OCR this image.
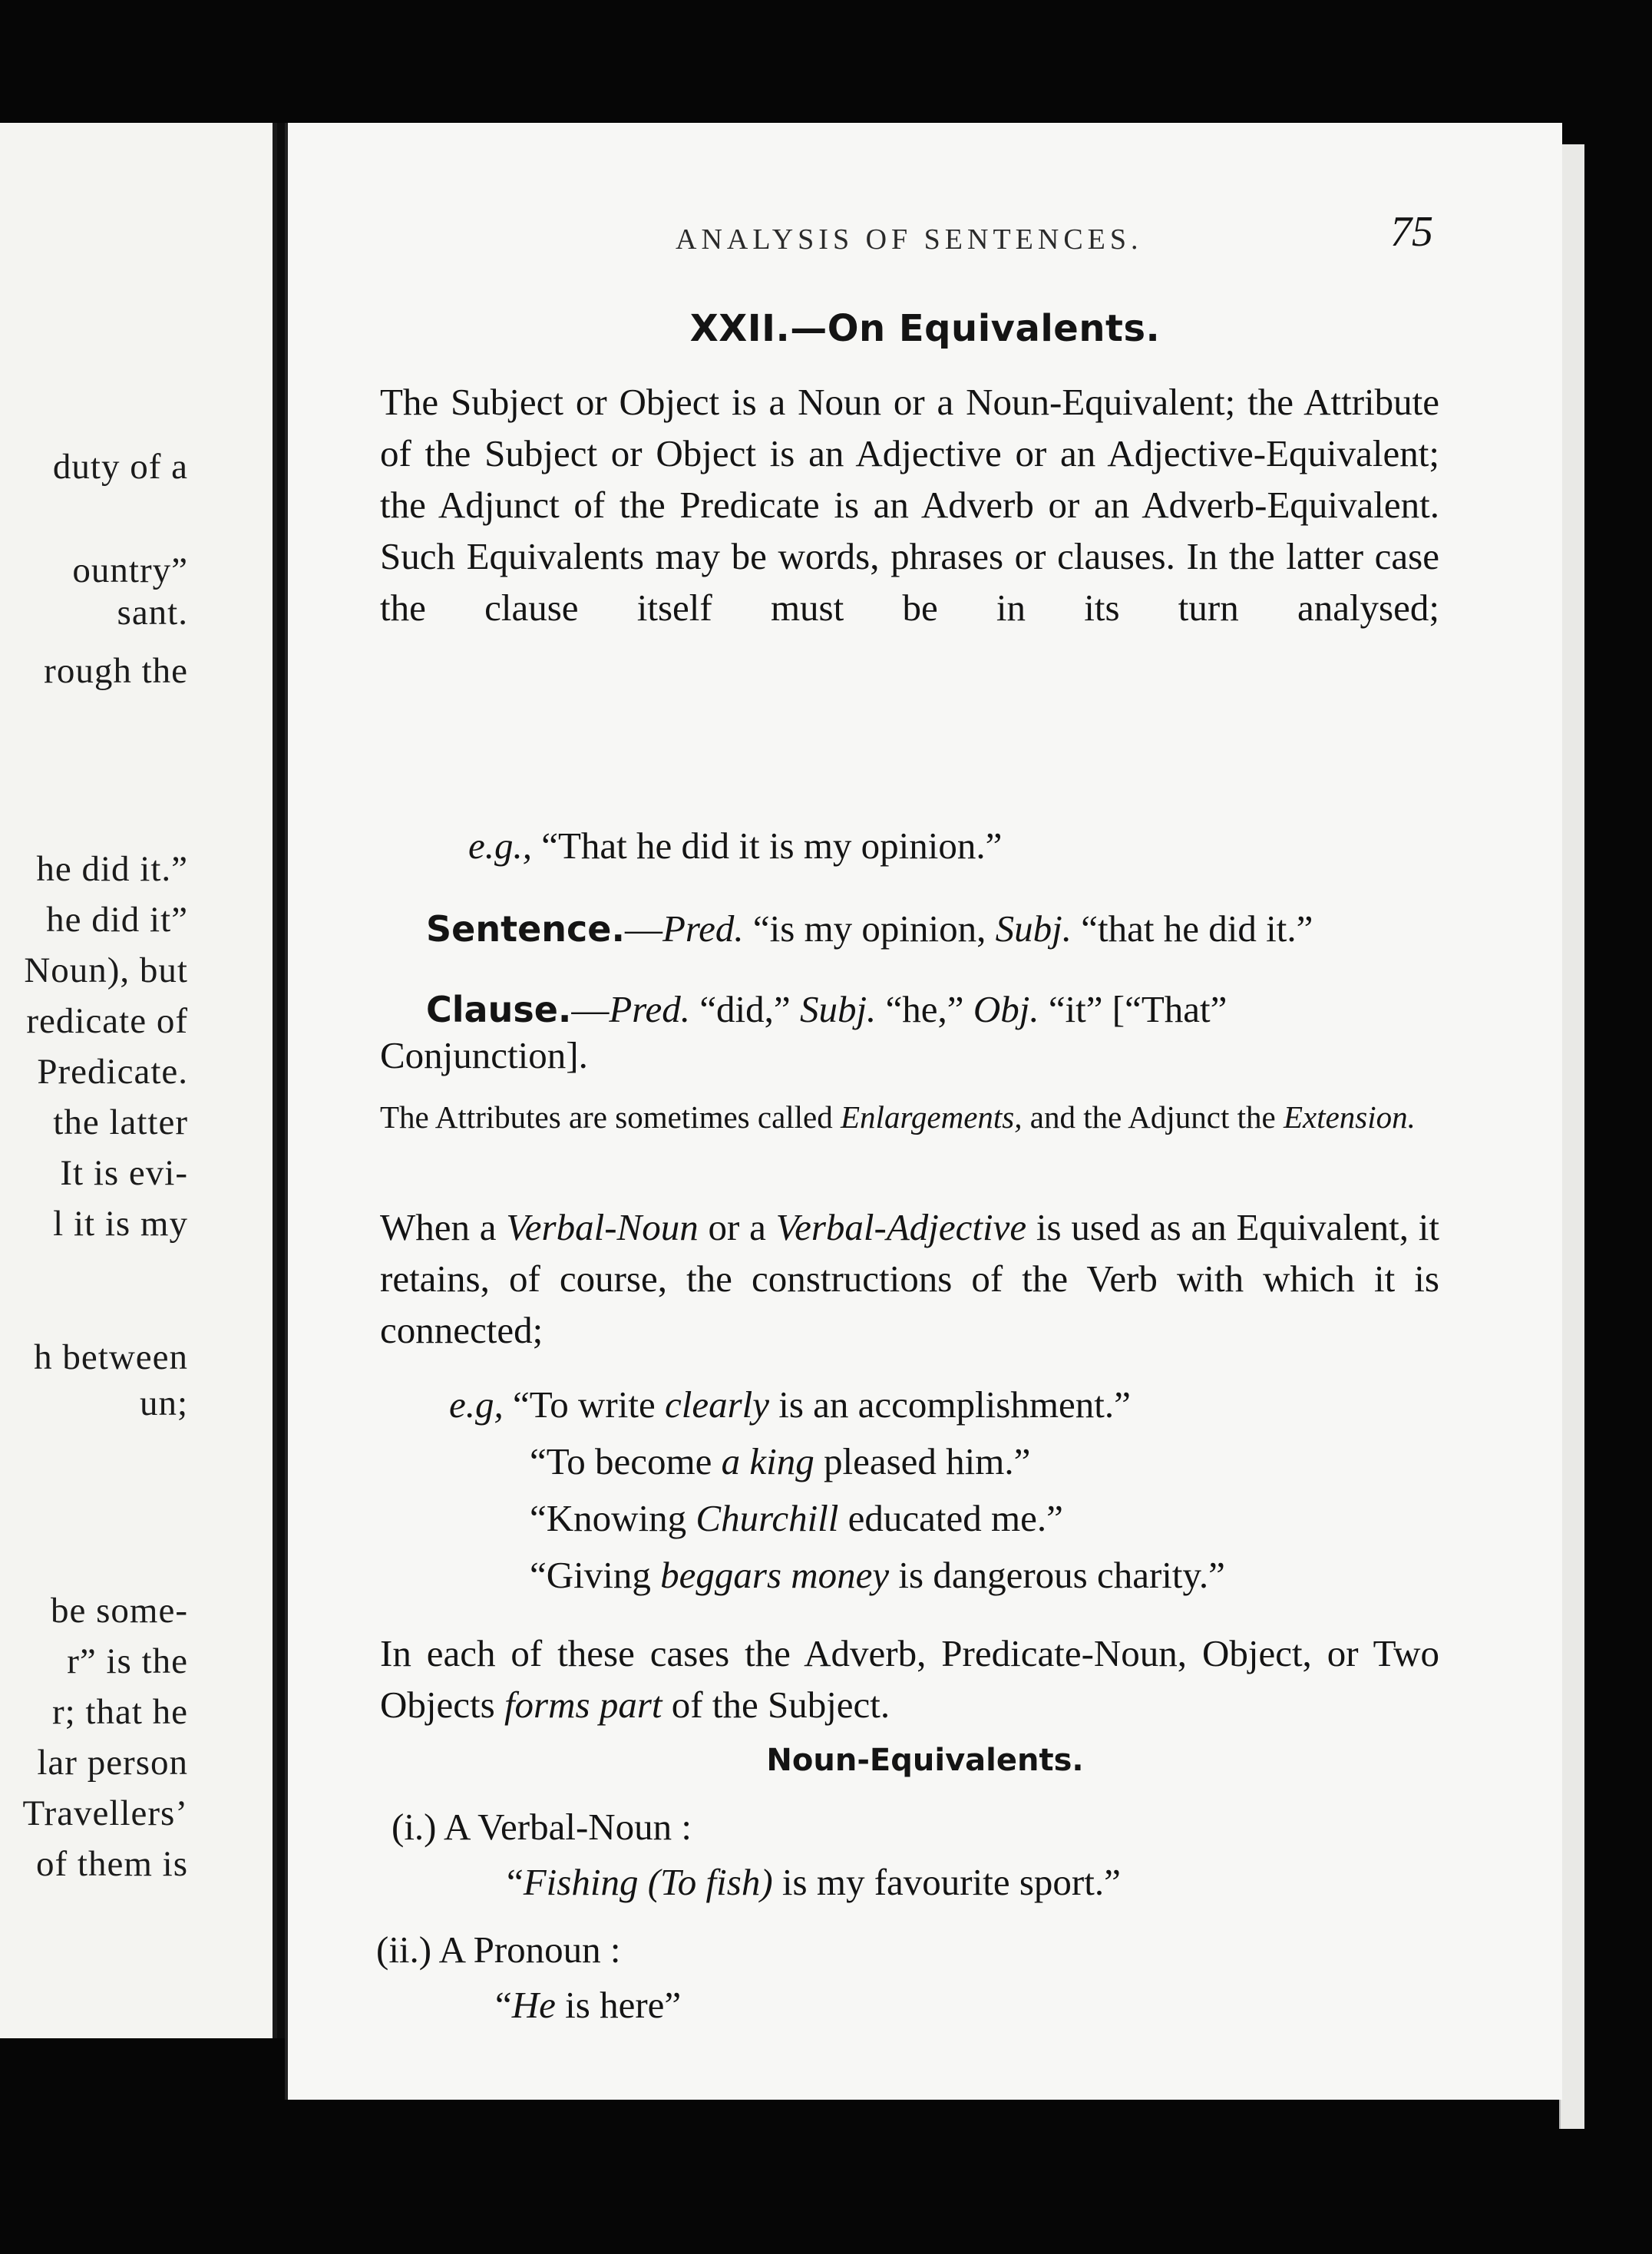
duty of a

ountry”

sant.

rough the

he did it.”

he did it”

Noun), but

redicate of

Predicate.

the latter

It is evi-

l it is my

h between

un;

be some-

r” is the

r; that he

lar person

Travellers’

of them is

ANALYSIS OF SENTENCES.	75

XXII.—On Equivalents.

The Subject or Object is a Noun or a Noun-Equivalent; the Attribute of the Subject or Object is an Adjective or an Adjective-Equivalent; the Adjunct of the Predicate is an Adverb or an Adverb-Equivalent. Such Equivalents may be words, phrases or clauses. In the latter case the clause itself must be in its turn analysed;

e.g., “That he did it is my opinion.”

Sentence.—Pred. “is my opinion, Subj. “that he did it.”

Clause.—Pred. “did,” Subj. “he,” Obj. “it” [“That”

Conjunction].

The Attributes are sometimes called Enlargements, and the Adjunct the Extension.

When a Verbal-Noun or a Verbal-Adjective is used as an Equivalent, it retains, of course, the constructions of the Verb with which it is connected;

e.g, “To write clearly is an accomplishment.”

“To become a king pleased him.”

“Knowing Churchill educated me.”

“Giving beggars money is dangerous charity.”

In each of these cases the Adverb, Predicate-Noun, Object, or Two Objects forms part of the Subject.

Noun-Equivalents.

(i.) A Verbal-Noun :

“Fishing (To fish) is my favourite sport.”

(ii.) A Pronoun :

“He is here”
